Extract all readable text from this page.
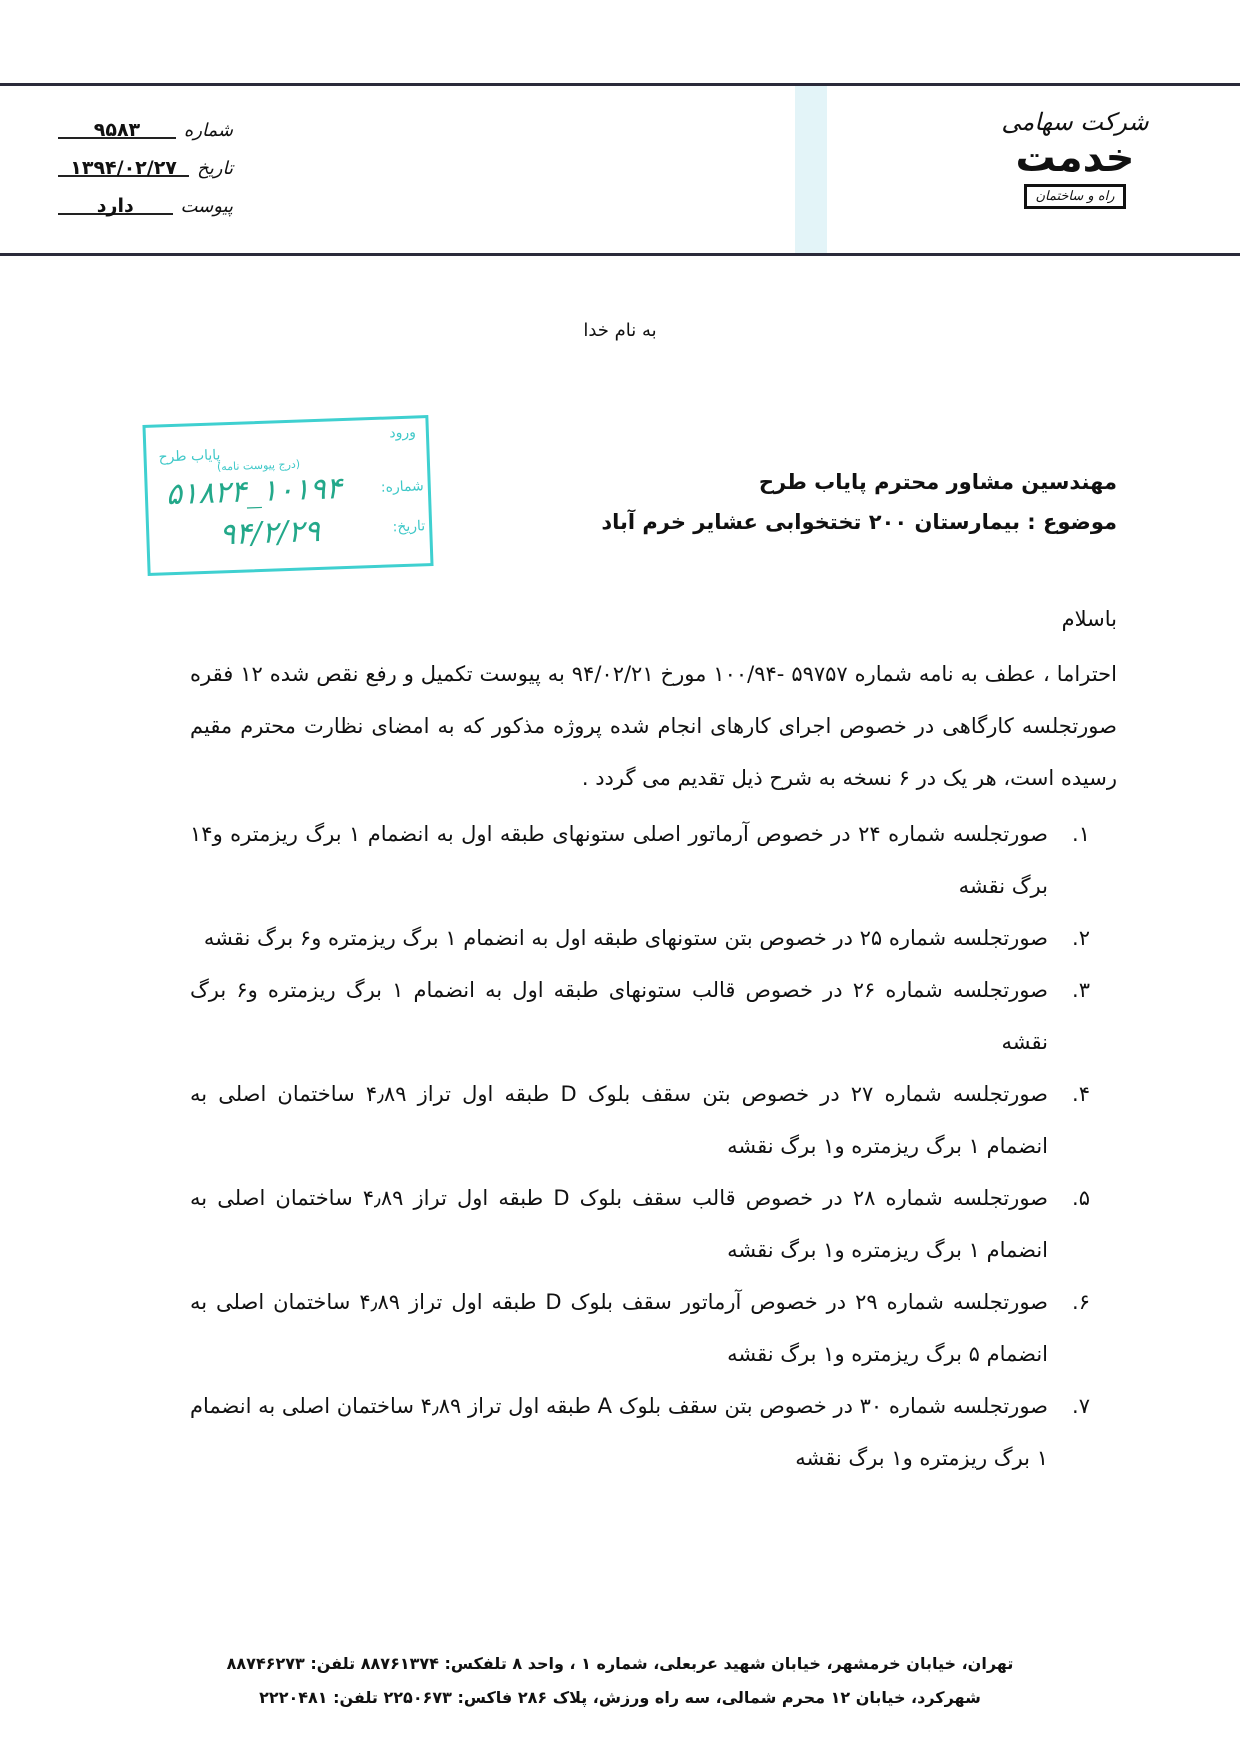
شماره
۹۵۸۳
تاریخ
۱۳۹۴/۰۲/۲۷
پیوست
دارد
شرکت سهامی
خدمت
راه و ساختمان
به نام خدا
ورود
پایاب طرح
(درج پیوست نامه)
شماره:
۱۰۱۹۴_۵۱۸۲۴
تاریخ:
۹۴/۲/۲۹
مهندسین مشاور محترم پایاب طرح
موضوع : بیمارستان ۲۰۰ تختخوابی عشایر خرم آباد
باسلام
احتراما ، عطف به نامه شماره ۵۹۷۵۷ -۱۰۰/۹۴ مورخ ۹۴/۰۲/۲۱ به پیوست تکمیل و رفع نقص شده ۱۲ فقره صورتجلسه کارگاهی در خصوص اجرای کارهای انجام شده پروژه مذکور که به امضای نظارت محترم مقیم رسیده است، هر یک در ۶ نسخه به شرح ذیل تقدیم می گردد .
۱.
صورتجلسه شماره ۲۴ در خصوص آرماتور اصلی ستونهای طبقه اول به انضمام ۱ برگ ریزمتره و۱۴ برگ نقشه
۲.
صورتجلسه شماره ۲۵ در خصوص بتن ستونهای طبقه اول به انضمام ۱ برگ ریزمتره و۶ برگ نقشه
۳.
صورتجلسه شماره ۲۶ در خصوص قالب ستونهای طبقه اول به انضمام ۱ برگ ریزمتره و۶ برگ نقشه
۴.
صورتجلسه شماره ۲۷ در خصوص بتن سقف بلوک D طبقه اول تراز ۴٫۸۹ ساختمان اصلی به انضمام ۱ برگ ریزمتره و۱ برگ نقشه
۵.
صورتجلسه شماره ۲۸ در خصوص قالب سقف بلوک D طبقه اول تراز ۴٫۸۹ ساختمان اصلی به انضمام ۱ برگ ریزمتره و۱ برگ نقشه
۶.
صورتجلسه شماره ۲۹ در خصوص آرماتور سقف بلوک D طبقه اول تراز ۴٫۸۹ ساختمان اصلی به انضمام ۵ برگ ریزمتره و۱ برگ نقشه
۷.
صورتجلسه شماره ۳۰ در خصوص بتن سقف بلوک A طبقه اول تراز ۴٫۸۹ ساختمان اصلی به انضمام ۱ برگ ریزمتره و۱ برگ نقشه
تهران، خیابان خرمشهر، خیابان شهید عربعلی، شماره ۱ ، واحد ۸ تلفکس: ۸۸۷۶۱۳۷۴ تلفن: ۸۸۷۴۶۲۷۳
شهرکرد، خیابان ۱۲ محرم شمالی، سه راه ورزش، پلاک ۲۸۶ فاکس: ۲۲۵۰۶۷۳ تلفن: ۲۲۲۰۴۸۱
